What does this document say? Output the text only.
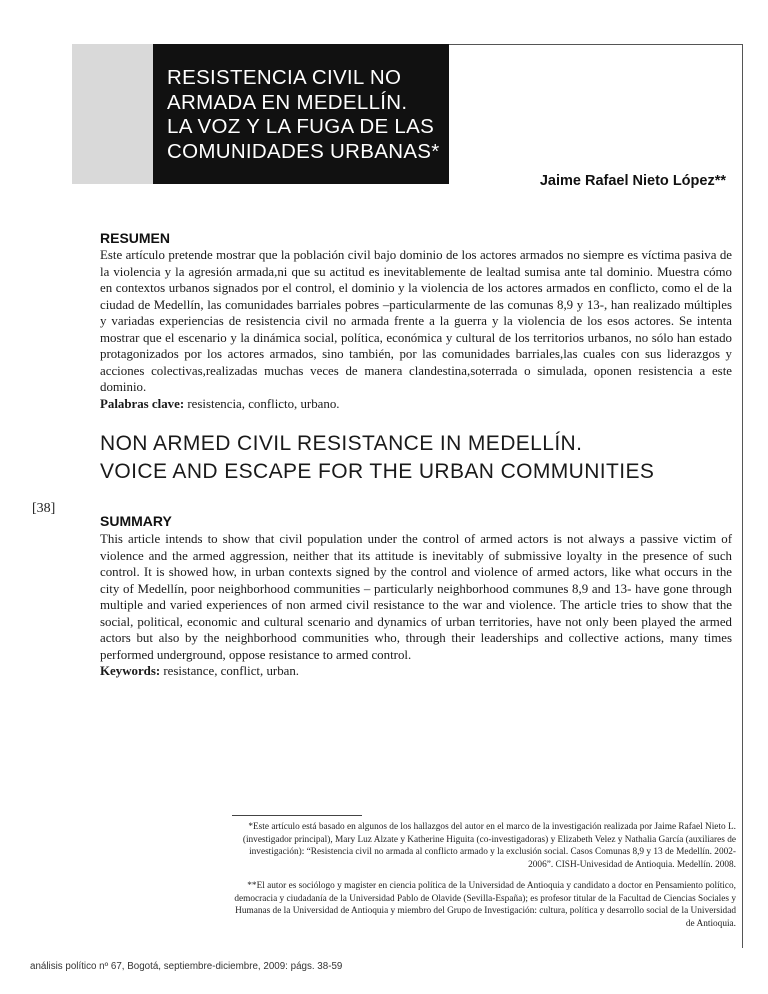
RESISTENCIA CIVIL NO
ARMADA EN MEDELLÍN.
LA VOZ Y LA FUGA DE LAS
COMUNIDADES URBANAS*
Jaime Rafael Nieto López**
RESUMEN
Este artículo pretende mostrar que la población civil bajo dominio de los actores armados no siempre es víctima pasiva de la violencia y la agresión armada,ni que su actitud es inevitablemente de lealtad sumisa ante tal dominio. Muestra cómo en contextos urbanos signados por el control, el dominio y la violencia de los actores armados en conflicto, como el de la ciudad de Medellín, las comunidades barriales pobres –particularmente de las comunas 8,9 y 13-, han realizado múltiples y variadas experiencias de resistencia civil no armada frente a la guerra y la violencia de los esos actores. Se intenta mostrar que el escenario y la dinámica social, política, económica y cultural de los territorios urbanos, no sólo han estado protagonizados por los actores armados, sino también, por las comunidades barriales,las cuales con sus liderazgos y acciones colectivas,realizadas muchas veces de manera clandestina,soterrada o simulada, oponen resistencia a este dominio.
Palabras clave: resistencia, conflicto, urbano.
NON ARMED CIVIL RESISTANCE IN MEDELLÍN.
VOICE AND ESCAPE FOR THE URBAN COMMUNITIES
[38]
SUMMARY
This article intends to show that civil population under the control of armed actors is not always a passive victim of violence and the armed aggression, neither that its attitude is inevitably of submissive loyalty in the presence of such control. It is showed how, in urban contexts signed by the control and violence of armed actors, like what occurs in the city of Medellín, poor neighborhood communities – particularly neighborhood communes 8,9 and 13- have gone through multiple and varied experiences of non armed civil resistance to the war and violence. The article tries to show that the social, political, economic and cultural scenario and dynamics of urban territories, have not only been played the armed actors but also by the neighborhood communities who, through their leaderships and collective actions, many times performed underground, oppose resistance to armed control.
Keywords: resistance, conflict, urban.
*Este artículo está basado en algunos de los hallazgos del autor en el marco de la investigación realizada por Jaime Rafael Nieto L. (investigador principal), Mary Luz Alzate y Katherine Higuita (co-investigadoras) y Elizabeth Velez y Nathalia García (auxiliares de investigación): “Resistencia civil no armada al conflicto armado y la exclusión social. Casos Comunas 8,9 y 13 de Medellín. 2002-2006”. CISH-Univesidad de Antioquia. Medellín. 2008.
**El autor es sociólogo y magister en ciencia política de la Universidad de Antioquia y candidato a doctor en Pensamiento político, democracia y ciudadanía de la Universidad Pablo de Olavide (Sevilla-España); es profesor titular de la Facultad de Ciencias Sociales y Humanas de la Universidad de Antioquia y miembro del Grupo de Investigación: cultura, política y desarrollo social de la Universidad de Antioquia.
análisis político nº 67, Bogotá, septiembre-diciembre, 2009: págs. 38-59
